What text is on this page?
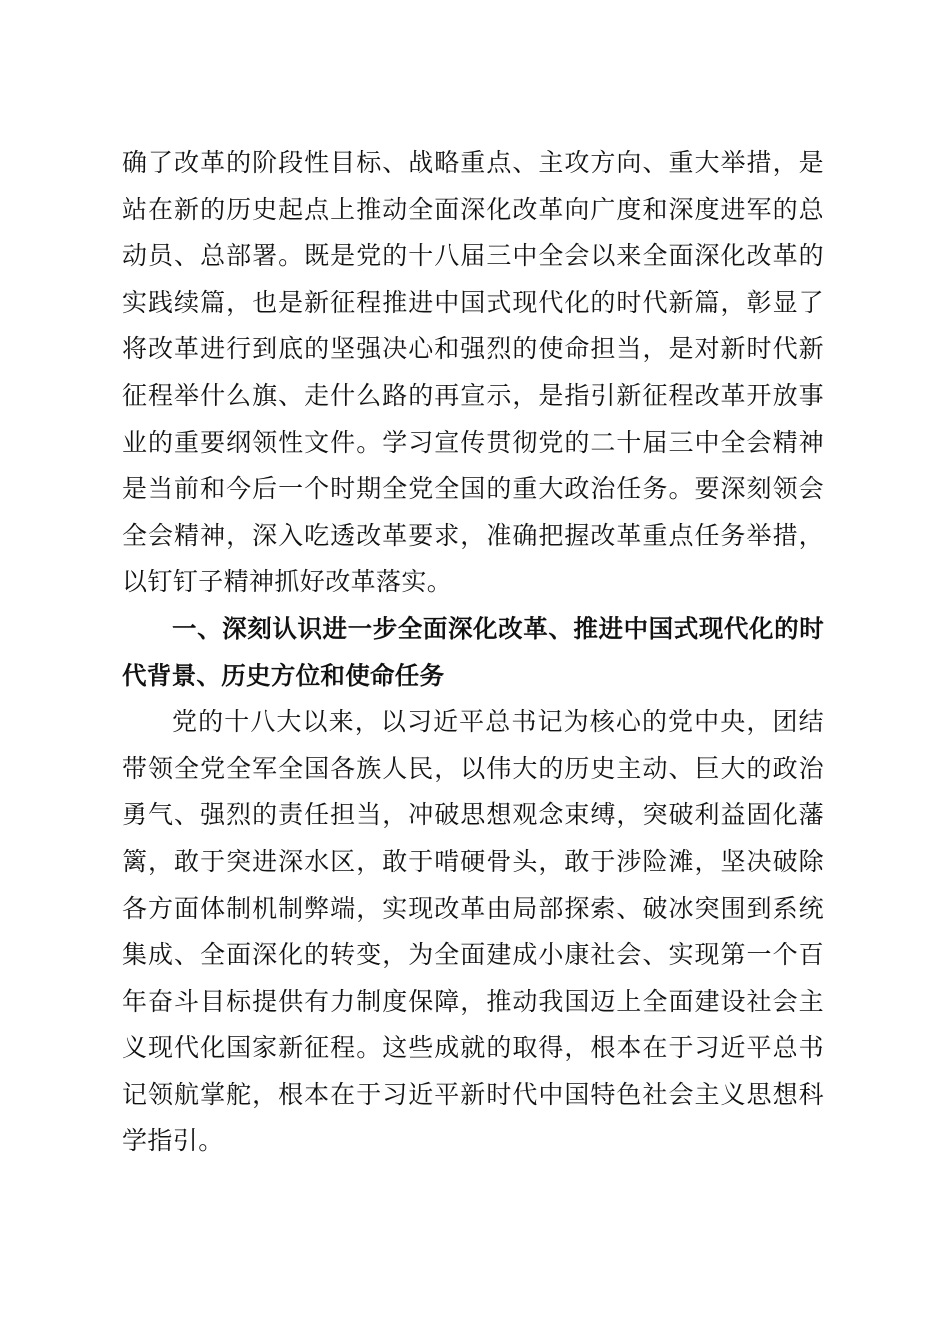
确了改革的阶段性目标、战略重点、主攻方向、重大举措，是站在新的历史起点上推动全面深化改革向广度和深度进军的总动员、总部署。既是党的十八届三中全会以来全面深化改革的实践续篇，也是新征程推进中国式现代化的时代新篇，彰显了将改革进行到底的坚强决心和强烈的使命担当，是对新时代新征程举什么旗、走什么路的再宣示，是指引新征程改革开放事业的重要纲领性文件。学习宣传贯彻党的二十届三中全会精神是当前和今后一个时期全党全国的重大政治任务。要深刻领会全会精神，深入吃透改革要求，准确把握改革重点任务举措，以钉钉子精神抓好改革落实。

一、深刻认识进一步全面深化改革、推进中国式现代化的时代背景、历史方位和使命任务

党的十八大以来，以习近平总书记为核心的党中央，团结带领全党全军全国各族人民，以伟大的历史主动、巨大的政治勇气、强烈的责任担当，冲破思想观念束缚，突破利益固化藩篱，敢于突进深水区，敢于啃硬骨头，敢于涉险滩，坚决破除各方面体制机制弊端，实现改革由局部探索、破冰突围到系统集成、全面深化的转变，为全面建成小康社会、实现第一个百年奋斗目标提供有力制度保障，推动我国迈上全面建设社会主义现代化国家新征程。这些成就的取得，根本在于习近平总书记领航掌舵，根本在于习近平新时代中国特色社会主义思想科学指引。
